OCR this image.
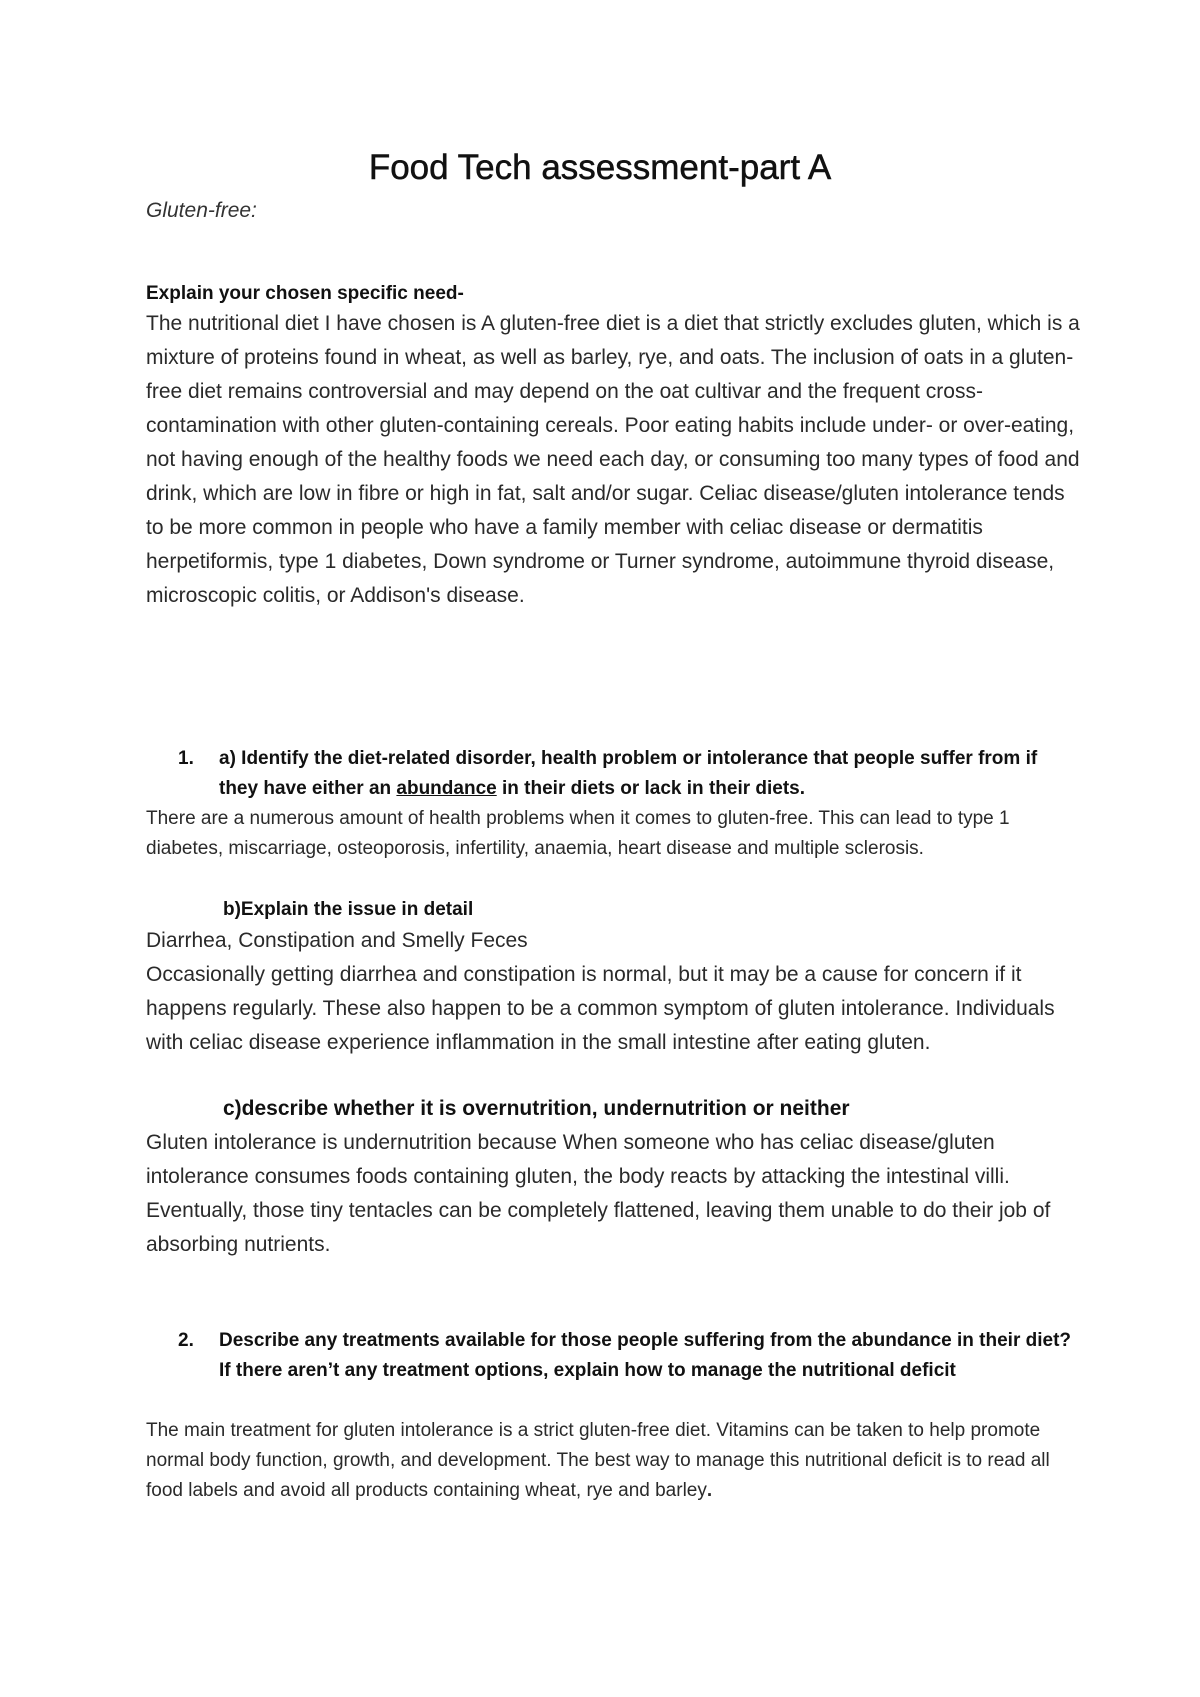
Food Tech assessment-part A

Gluten-free:

Explain your chosen specific need-

The nutritional diet I have chosen is A gluten-free diet is a diet that strictly excludes gluten, which is a mixture of proteins found in wheat, as well as barley, rye, and oats. The inclusion of oats in a gluten-free diet remains controversial and may depend on the oat cultivar and the frequent cross-contamination with other gluten-containing cereals. Poor eating habits include under- or over-eating, not having enough of the healthy foods we need each day, or consuming too many types of food and drink, which are low in fibre or high in fat, salt and/or sugar. Celiac disease/gluten intolerance tends to be more common in people who have a family member with celiac disease or dermatitis herpetiformis, type 1 diabetes, Down syndrome or Turner syndrome, autoimmune thyroid disease, microscopic colitis, or Addison's disease.

1. a) Identify the diet-related disorder, health problem or intolerance that people suffer from if they have either an abundance in their diets or lack in their diets.

There are a numerous amount of health problems when it comes to gluten-free. This can lead to type 1 diabetes, miscarriage, osteoporosis, infertility, anaemia, heart disease and multiple sclerosis.

b)Explain the issue in detail

Diarrhea, Constipation and Smelly Feces

Occasionally getting diarrhea and constipation is normal, but it may be a cause for concern if it happens regularly. These also happen to be a common symptom of gluten intolerance. Individuals with celiac disease experience inflammation in the small intestine after eating gluten.

c)describe whether it is overnutrition, undernutrition or neither

Gluten intolerance is undernutrition because When someone who has celiac disease/gluten intolerance consumes foods containing gluten, the body reacts by attacking the intestinal villi. Eventually, those tiny tentacles can be completely flattened, leaving them unable to do their job of absorbing nutrients.

2. Describe any treatments available for those people suffering from the abundance in their diet? If there aren’t any treatment options, explain how to manage the nutritional deficit

The main treatment for gluten intolerance is a strict gluten-free diet. Vitamins can be taken to help promote normal body function, growth, and development. The best way to manage this nutritional deficit is to read all food labels and avoid all products containing wheat, rye and barley.
